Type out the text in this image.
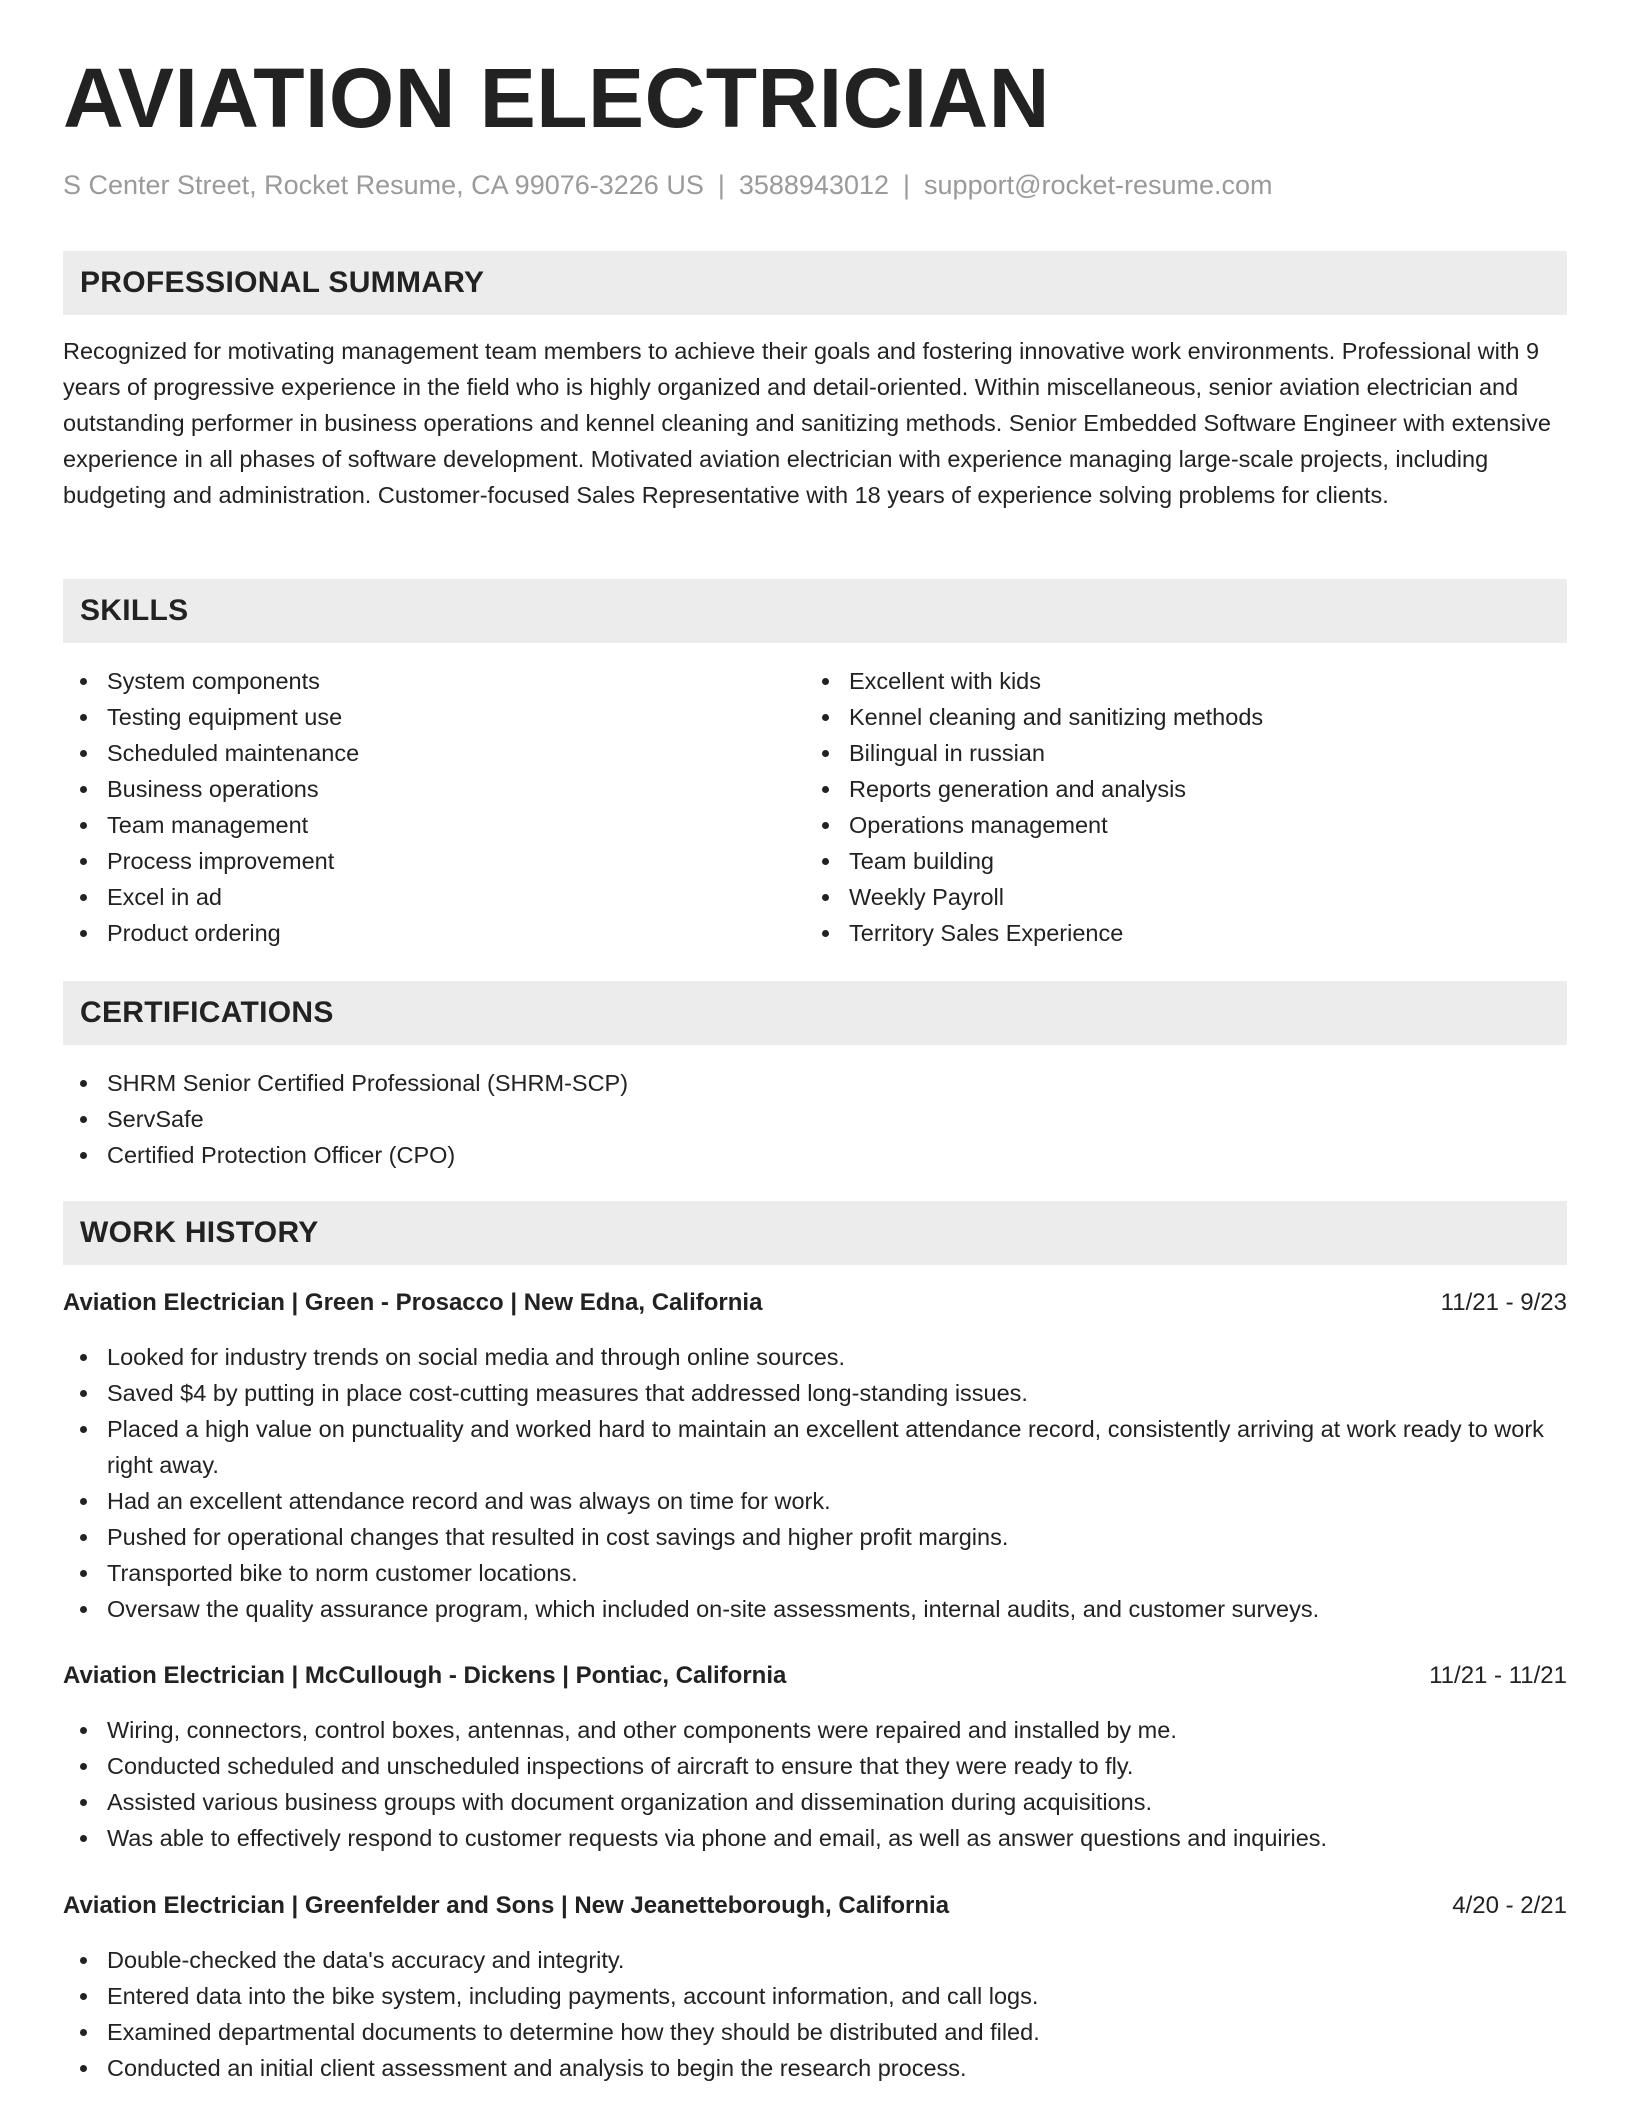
AVIATION ELECTRICIAN
S Center Street, Rocket Resume, CA 99076-3226 US | 3588943012 | support@rocket-resume.com
PROFESSIONAL SUMMARY

Recognized for motivating management team members to achieve their goals and fostering innovative work environments. Professional with 9 years of progressive experience in the field who is highly organized and detail-oriented. Within miscellaneous, senior aviation electrician and outstanding performer in business operations and kennel cleaning and sanitizing methods. Senior Embedded Software Engineer with extensive experience in all phases of software development. Motivated aviation electrician with experience managing large-scale projects, including budgeting and administration. Customer-focused Sales Representative with 18 years of experience solving problems for clients.

SKILLS
System components
Testing equipment use
Scheduled maintenance
Business operations
Team management
Process improvement
Excel in ad
Product ordering
Excellent with kids
Kennel cleaning and sanitizing methods
Bilingual in russian
Reports generation and analysis
Operations management
Team building
Weekly Payroll
Territory Sales Experience
CERTIFICATIONS
SHRM Senior Certified Professional (SHRM-SCP)
ServSafe
Certified Protection Officer (CPO)
WORK HISTORY
Aviation Electrician | Green - Prosacco | New Edna, California	11/21 - 9/23
Looked for industry trends on social media and through online sources.
Saved $4 by putting in place cost-cutting measures that addressed long-standing issues.
Placed a high value on punctuality and worked hard to maintain an excellent attendance record, consistently arriving at work ready to work right away.
Had an excellent attendance record and was always on time for work.
Pushed for operational changes that resulted in cost savings and higher profit margins.
Transported bike to norm customer locations.
Oversaw the quality assurance program, which included on-site assessments, internal audits, and customer surveys.
Aviation Electrician | McCullough - Dickens | Pontiac, California	11/21 - 11/21
Wiring, connectors, control boxes, antennas, and other components were repaired and installed by me.
Conducted scheduled and unscheduled inspections of aircraft to ensure that they were ready to fly.
Assisted various business groups with document organization and dissemination during acquisitions.
Was able to effectively respond to customer requests via phone and email, as well as answer questions and inquiries.
Aviation Electrician | Greenfelder and Sons | New Jeanetteborough, California	4/20 - 2/21
Double-checked the data's accuracy and integrity.
Entered data into the bike system, including payments, account information, and call logs.
Examined departmental documents to determine how they should be distributed and filed.
Conducted an initial client assessment and analysis to begin the research process.
